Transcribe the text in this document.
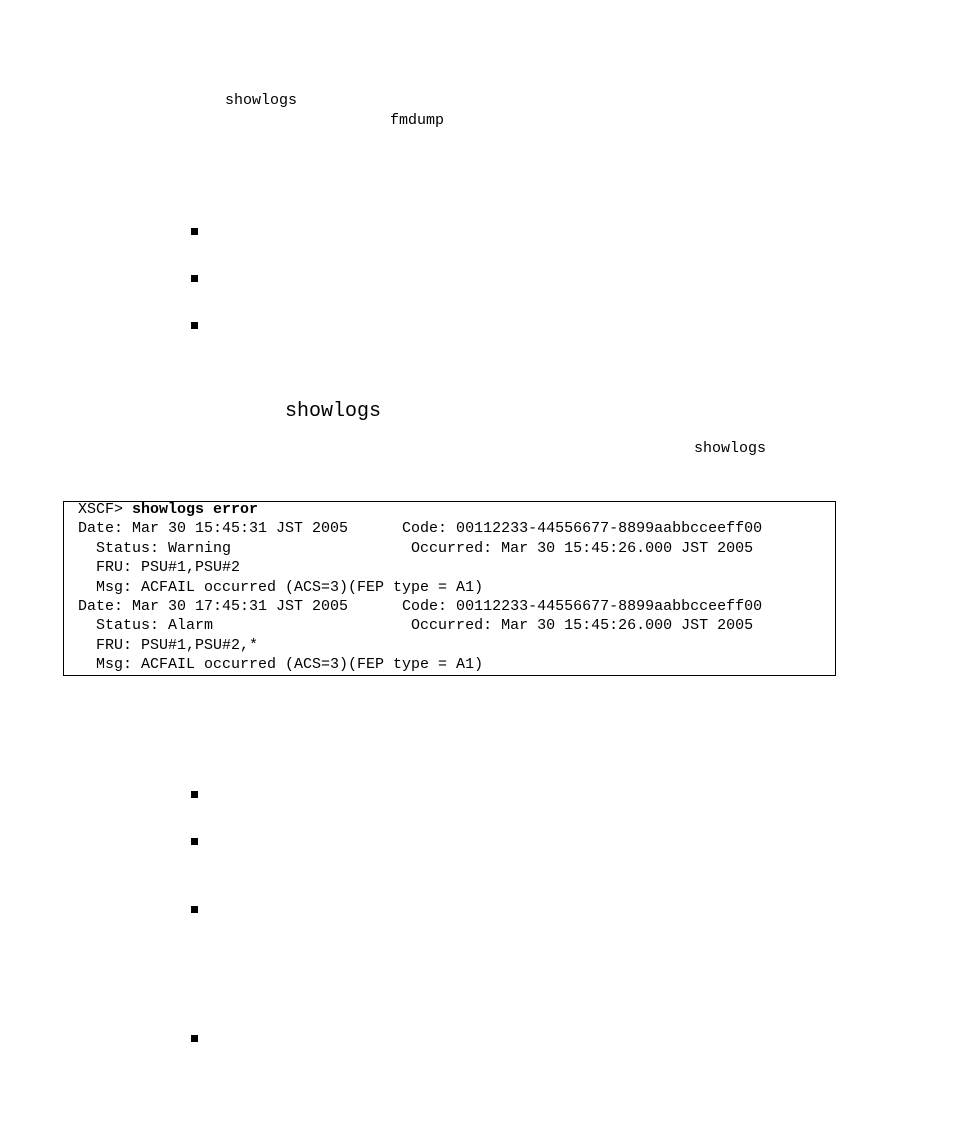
showlogs
fmdump
showlogs
showlogs
XSCF> showlogs error
Date: Mar 30 15:45:31 JST 2005      Code: 00112233-44556677-8899aabbcceeff00
Status: Warning                    Occurred: Mar 30 15:45:26.000 JST 2005
FRU: PSU#1,PSU#2
Msg: ACFAIL occurred (ACS=3)(FEP type = A1)
Date: Mar 30 17:45:31 JST 2005      Code: 00112233-44556677-8899aabbcceeff00
Status: Alarm                      Occurred: Mar 30 15:45:26.000 JST 2005
FRU: PSU#1,PSU#2,*
Msg: ACFAIL occurred (ACS=3)(FEP type = A1)
